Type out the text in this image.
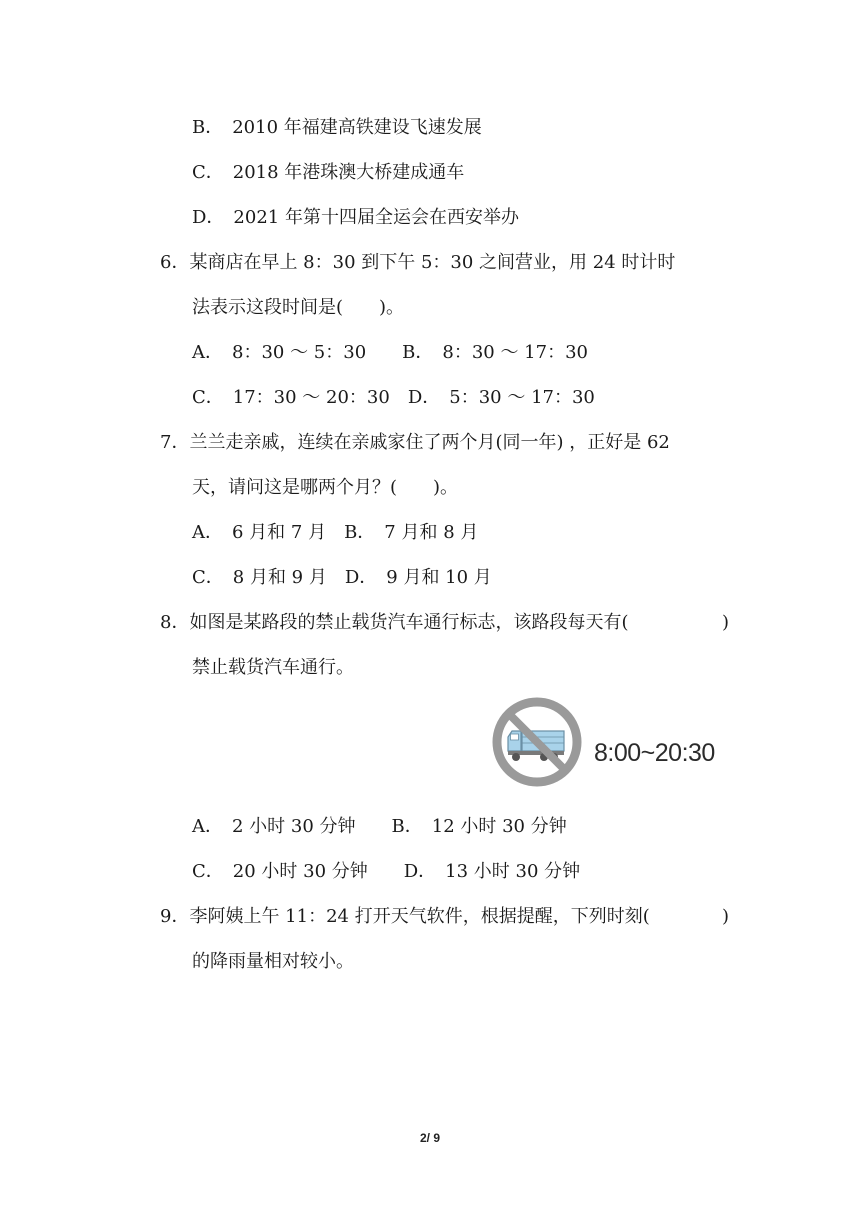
B．　2010 年福建高铁建设飞速发展
C．　2018 年港珠澳大桥建成通车
D．　2021 年第十四届全运会在西安举办
6．某商店在早上 8：30 到下午 5：30 之间营业，用 24 时计时
法表示这段时间是(　　)。
A．　8：30 ～ 5：30　　B．　8：30 ～ 17：30
C．　17：30 ～ 20：30　D．　5：30 ～ 17：30
7．兰兰走亲戚，连续在亲戚家住了两个月(同一年) ，正好是 62
天，请问这是哪两个月？(　　)。
A．　6 月和 7 月　B．　7 月和 8 月
C．　8 月和 9 月　D．　9 月和 10 月
8．如图是某路段的禁止载货汽车通行标志，该路段每天有(	)
禁止载货汽车通行。
8:00~20:30
A．　2 小时 30 分钟　　B．　12 小时 30 分钟
C．　20 小时 30 分钟　　D．　13 小时 30 分钟
9．李阿姨上午 11：24 打开天气软件，根据提醒，下列时刻(	)
的降雨量相对较小。
2/ 9
